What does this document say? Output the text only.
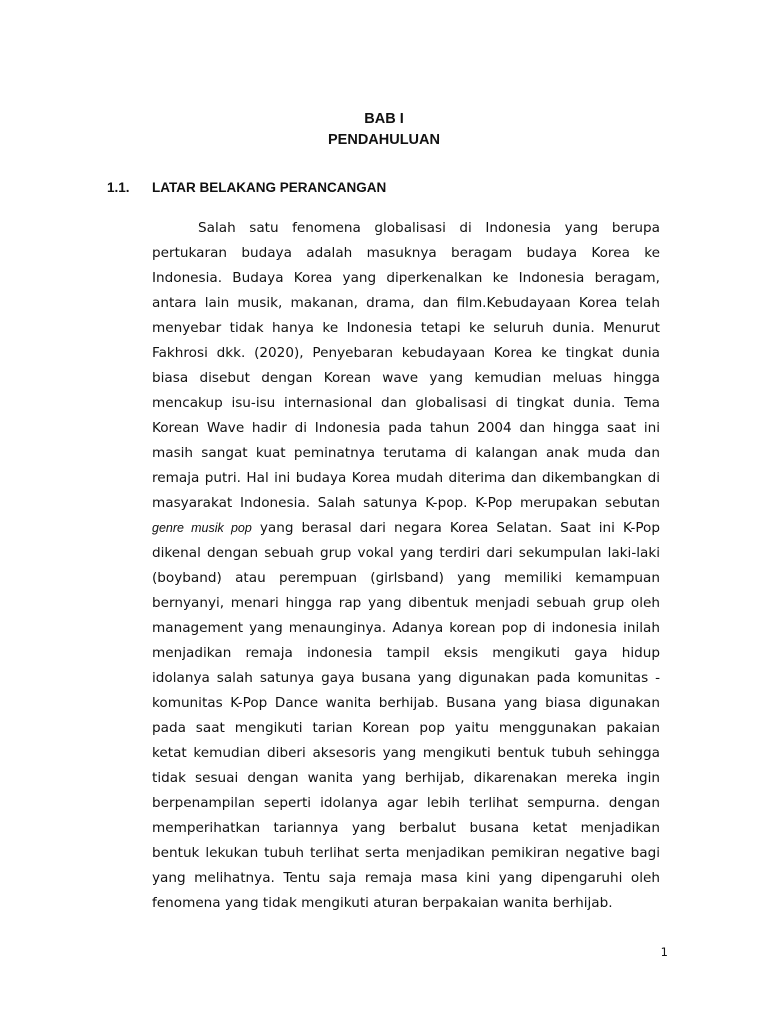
BAB I
PENDAHULUAN
1.1. LATAR BELAKANG PERANCANGAN
Salah satu fenomena globalisasi di Indonesia yang berupa
pertukaran budaya adalah masuknya beragam budaya Korea ke
Indonesia. Budaya Korea yang diperkenalkan ke Indonesia beragam,
antara lain musik, makanan, drama, dan film.Kebudayaan Korea telah
menyebar tidak hanya ke Indonesia tetapi ke seluruh dunia. Menurut
Fakhrosi dkk. (2020), Penyebaran kebudayaan Korea ke tingkat dunia
biasa disebut dengan Korean wave yang kemudian meluas hingga
mencakup isu-isu internasional dan globalisasi di tingkat dunia. Tema
Korean Wave hadir di Indonesia pada tahun 2004 dan hingga saat ini
masih sangat kuat peminatnya terutama di kalangan anak muda dan
remaja putri. Hal ini budaya Korea mudah diterima dan dikembangkan di
masyarakat Indonesia. Salah satunya K-pop. K-Pop merupakan sebutan
genre musik pop yang berasal dari negara Korea Selatan. Saat ini K-Pop
dikenal dengan sebuah grup vokal yang terdiri dari sekumpulan laki-laki
(boyband) atau perempuan (girlsband) yang memiliki kemampuan
bernyanyi, menari hingga rap yang dibentuk menjadi sebuah grup oleh
management yang menaunginya. Adanya korean pop di indonesia inilah
menjadikan remaja indonesia tampil eksis mengikuti gaya hidup
idolanya salah satunya gaya busana yang digunakan pada komunitas -
komunitas K-Pop Dance wanita berhijab. Busana yang biasa digunakan
pada saat mengikuti tarian Korean pop yaitu menggunakan pakaian
ketat kemudian diberi aksesoris yang mengikuti bentuk tubuh sehingga
tidak sesuai dengan wanita yang berhijab, dikarenakan mereka ingin
berpenampilan seperti idolanya agar lebih terlihat sempurna. dengan
memperihatkan tariannya yang berbalut busana ketat menjadikan
bentuk lekukan tubuh terlihat serta menjadikan pemikiran negative bagi
yang melihatnya. Tentu saja remaja masa kini yang dipengaruhi oleh
fenomena yang tidak mengikuti aturan berpakaian wanita berhijab.
1
